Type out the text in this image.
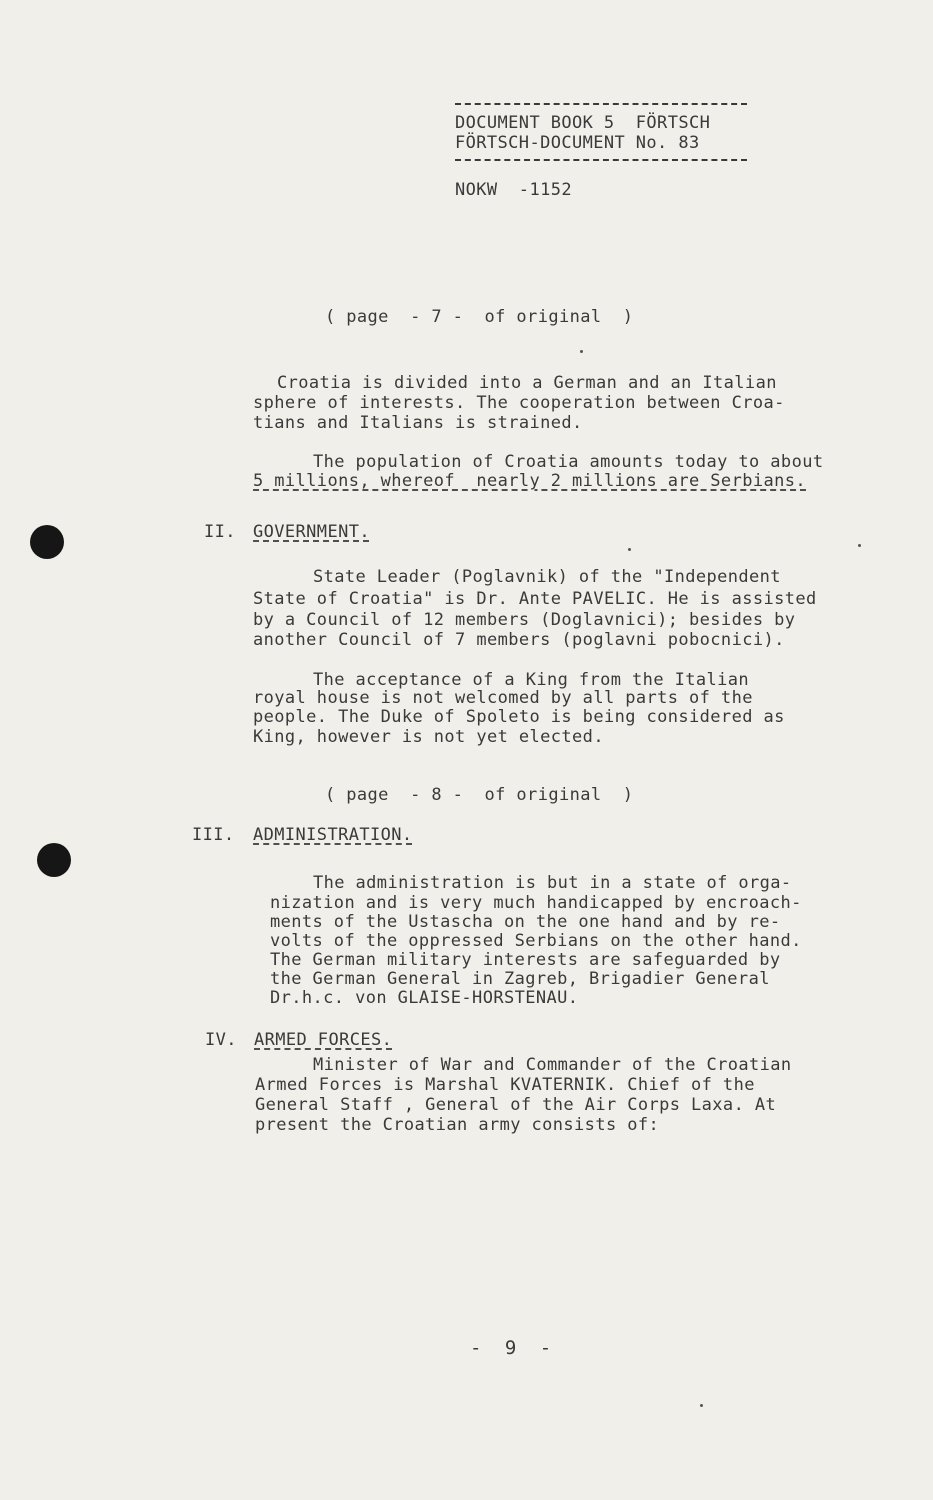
DOCUMENT BOOK 5  FÖRTSCH
FÖRTSCH-DOCUMENT No. 83
NOKW  -1152
( page  - 7 -  of original  )
Croatia is divided into a German and an Italian
sphere of interests. The cooperation between Croa-
tians and Italians is strained.
The population of Croatia amounts today to about
5 millions, whereof  nearly 2 millions are Serbians.
II. GOVERNMENT.
State Leader (Poglavnik) of the "Independent
State of Croatia" is Dr. Ante PAVELIC. He is assisted
by a Council of 12 members (Doglavnici); besides by
another Council of 7 members (poglavni pobocnici).
The acceptance of a King from the Italian
royal house is not welcomed by all parts of the
people. The Duke of Spoleto is being considered as
King, however is not yet elected.
( page  - 8 -  of original  )
III. ADMINISTRATION.
The administration is but in a state of orga-
nization and is very much handicapped by encroach-
ments of the Ustascha on the one hand and by re-
volts of the oppressed Serbians on the other hand.
The German military interests are safeguarded by
the German General in Zagreb, Brigadier General
Dr.h.c. von GLAISE-HORSTENAU.
IV. ARMED FORCES.
Minister of War and Commander of the Croatian
Armed Forces is Marshal KVATERNIK. Chief of the
General Staff , General of the Air Corps Laxa. At
present the Croatian army consists of:
- 9 -
